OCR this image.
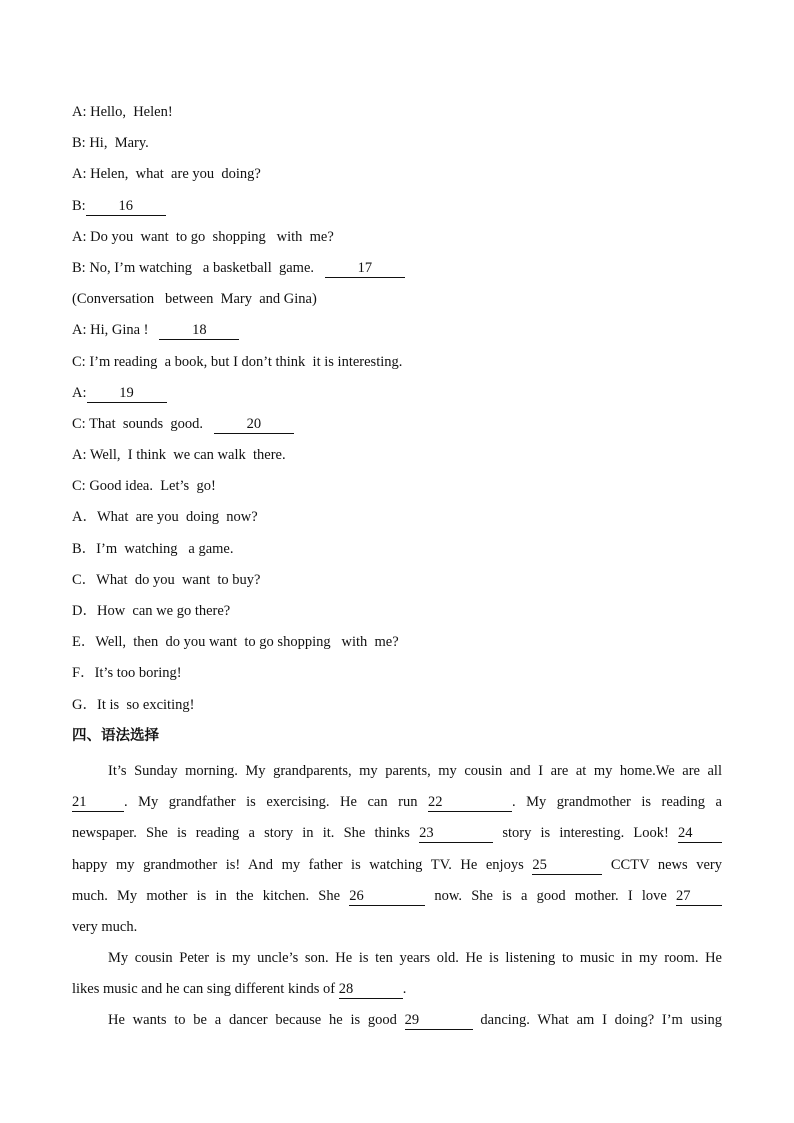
A: Hello,  Helen!
B: Hi,  Mary.
A: Helen,  what  are you  doing?
B: 16
A: Do you  want  to go  shopping   with  me?
B: No, I’m watching   a basketball  game.   17
(Conversation   between  Mary  and Gina)
A: Hi, Gina !   18
C: I’m reading  a book, but I don’t think  it is interesting.
A: 19
C: That  sounds  good.   20
A: Well,  I think  we can walk  there.
C: Good idea.  Let’s  go!
A．What  are you  doing  now?
B．I’m  watching   a game.
C．What  do you  want  to buy?
D．How  can we go there?
E．Well,  then  do you want  to go shopping   with  me?
F．It’s too boring!
G．It is  so exciting!
四、语法选择
It’s Sunday morning. My grandparents, my parents, my cousin and I are at my home.We are all
21	. My grandfather is exercising. He can run 22	. My grandmother is reading a
newspaper. She is reading a story in it. She thinks 23	story is interesting. Look! 24
happy my grandmother is! And my father is watching TV. He enjoys 25	CCTV news very
much. My mother is in the kitchen. She 26	now. She is a good mother. I love 27
very much.
My cousin Peter is my uncle’s son. He is ten years old. He is listening to music in my room. He
likes music and he can sing different kinds of 28	.
He wants to be a dancer because he is good 29	dancing. What am I doing? I’m using
